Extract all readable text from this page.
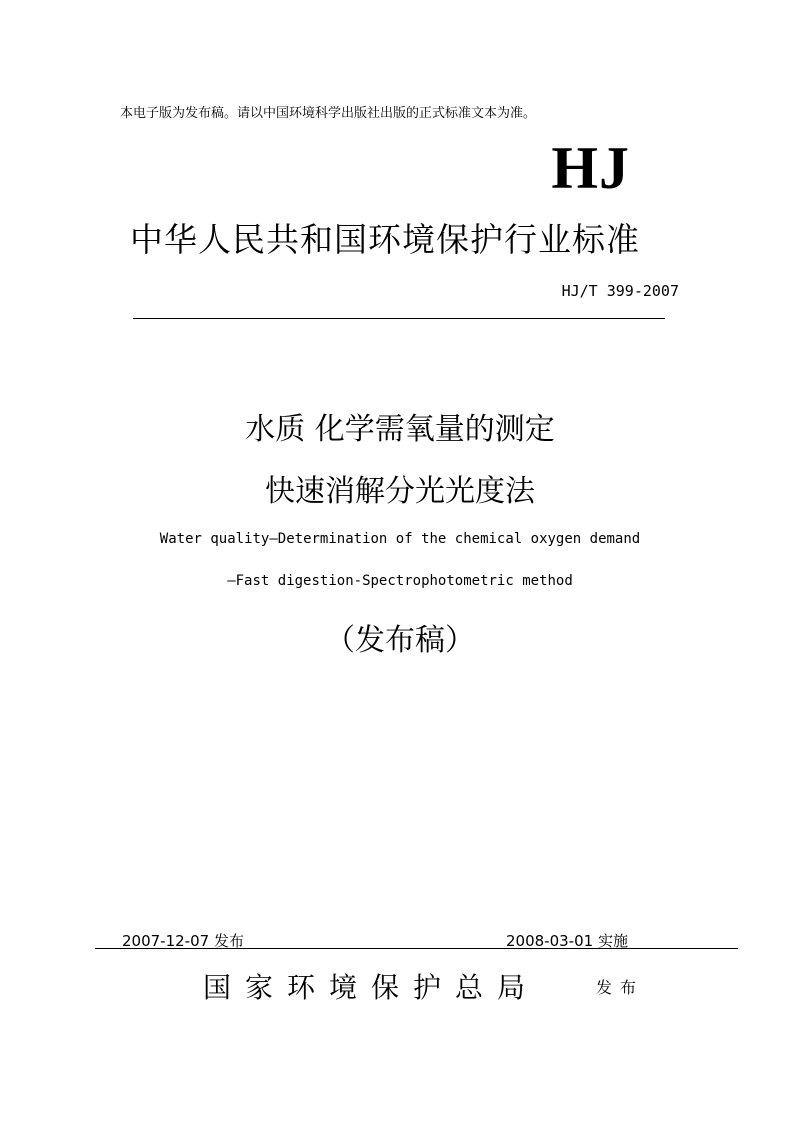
本电子版为发布稿。请以中国环境科学出版社出版的正式标准文本为准。
HJ
中华人民共和国环境保护行业标准
HJ/T 399-2007
水质 化学需氧量的测定
快速消解分光光度法
Water quality—Determination of the chemical oxygen demand
—Fast digestion-Spectrophotometric method
（发布稿）
2007-12-07 发布	2008-03-01 实施
国家环境保护总局	发布
